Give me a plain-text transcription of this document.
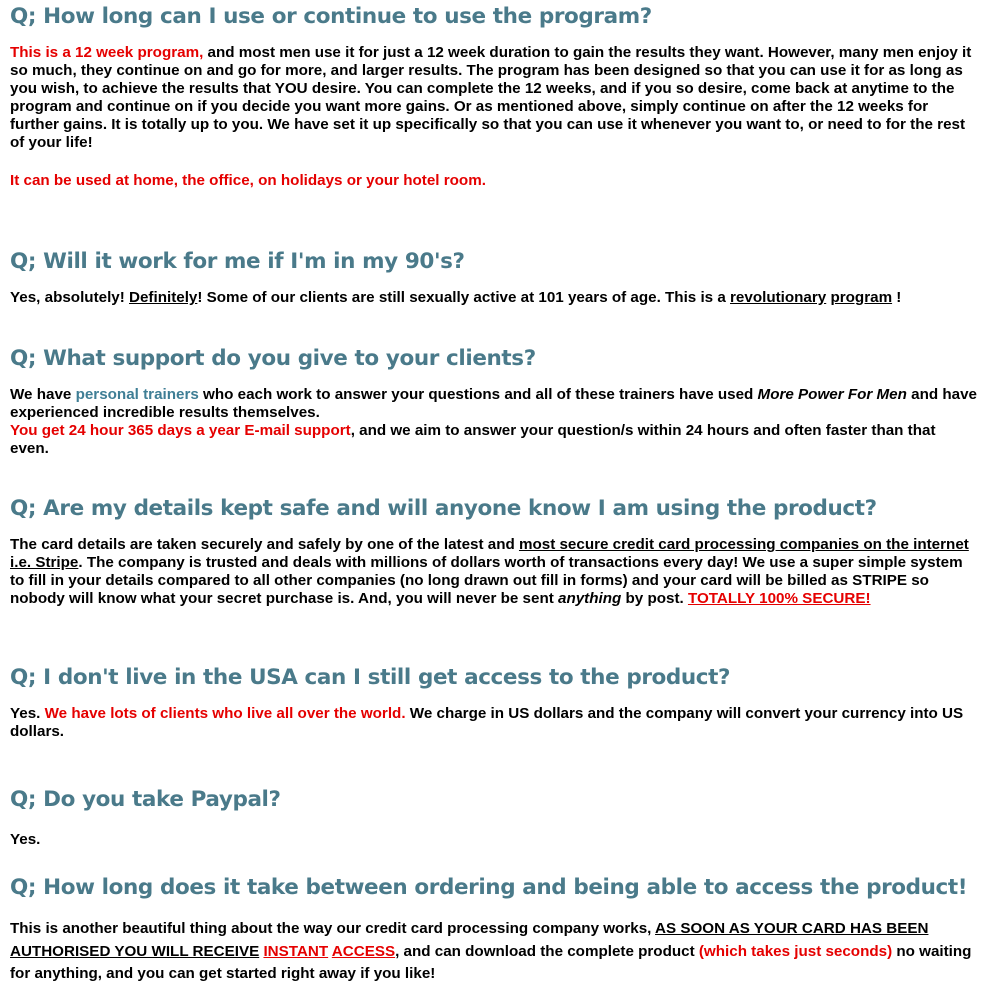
Q; How long can I use or continue to use the program?

This is a 12 week program, and most men use it for just a 12 week duration to gain the results they want. However, many men enjoy it so much, they continue on and go for more, and larger results. The program has been designed so that you can use it for as long as you wish, to achieve the results that YOU desire. You can complete the 12 weeks, and if you so desire, come back at anytime to the program and continue on if you decide you want more gains. Or as mentioned above, simply continue on after the 12 weeks for further gains. It is totally up to you. We have set it up specifically so that you can use it whenever you want to, or need to for the rest of your life!

It can be used at home, the office, on holidays or your hotel room.

Q; Will it work for me if I'm in my 90's?

Yes, absolutely! Definitely! Some of our clients are still sexually active at 101 years of age. This is a revolutionary program !

Q; What support do you give to your clients?

We have personal trainers who each work to answer your questions and all of these trainers have used More Power For Men and have experienced incredible results themselves.
You get 24 hour 365 days a year E-mail support, and we aim to answer your question/s within 24 hours and often faster than that even.

Q; Are my details kept safe and will anyone know I am using the product?

The card details are taken securely and safely by one of the latest and most secure credit card processing companies on the internet i.e. Stripe. The company is trusted and deals with millions of dollars worth of transactions every day! We use a super simple system to fill in your details compared to all other companies (no long drawn out fill in forms) and your card will be billed as STRIPE so nobody will know what your secret purchase is. And, you will never be sent anything by post. TOTALLY 100% SECURE!

Q; I don't live in the USA can I still get access to the product?

Yes. We have lots of clients who live all over the world. We charge in US dollars and the company will convert your currency into US dollars.

Q; Do you take Paypal?

Yes.

Q; How long does it take between ordering and being able to access the product!

This is another beautiful thing about the way our credit card processing company works, AS SOON AS YOUR CARD HAS BEEN AUTHORISED YOU WILL RECEIVE INSTANT ACCESS, and can download the complete product (which takes just seconds) no waiting for anything, and you can get started right away if you like!
